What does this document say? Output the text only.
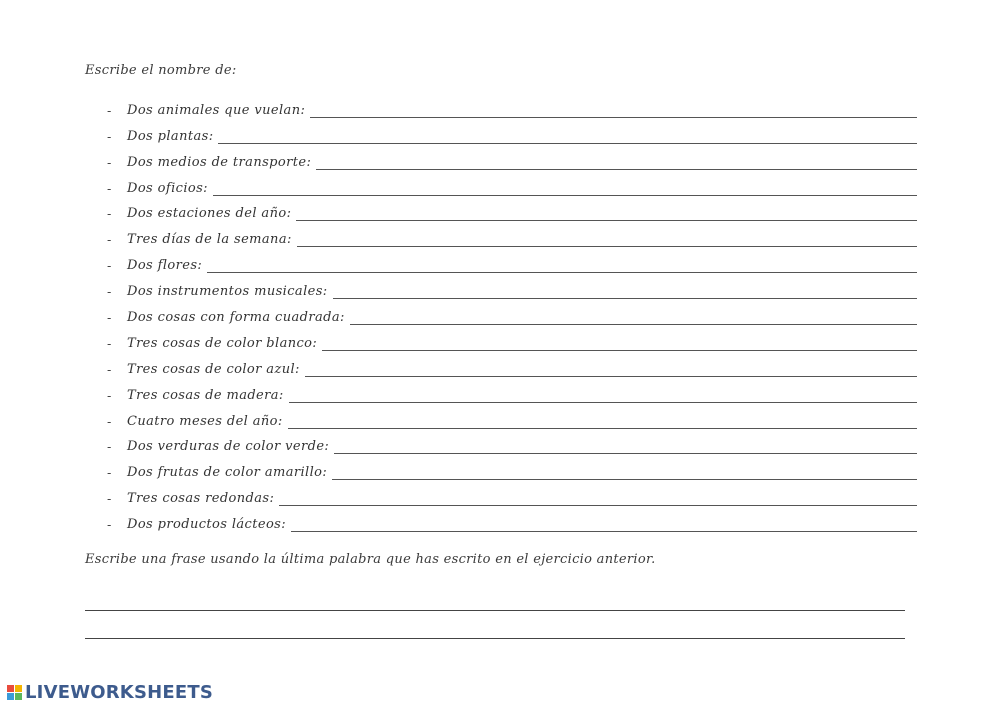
Escribe el nombre de:
-	Dos animales que vuelan:
-	Dos plantas:
-	Dos medios de transporte:
-	Dos oficios:
-	Dos estaciones del año:
-	Tres días de la semana:
-	Dos flores:
-	Dos instrumentos musicales:
-	Dos cosas con forma cuadrada:
-	Tres cosas de color blanco:
-	Tres cosas de color azul:
-	Tres cosas de madera:
-	Cuatro meses del año:
-	Dos verduras de color verde:
-	Dos frutas de color amarillo:
-	Tres cosas redondas:
-	Dos productos lácteos:
Escribe una frase usando la última palabra que has escrito en el ejercicio anterior.
LIVEWORKSHEETS
